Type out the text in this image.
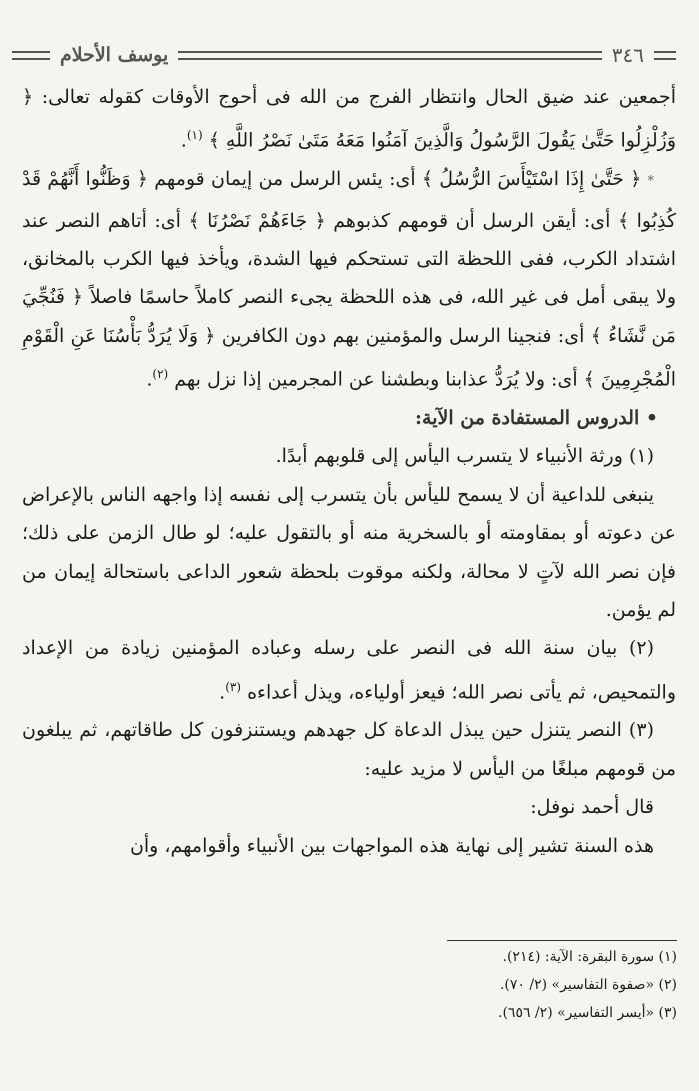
يوسف الأحلام	٣٤٦

أجمعين عند ضيق الحال وانتظار الفرج من الله فى أحوج الأوقات كقوله تعالى: ﴿ وَزُلْزِلُوا حَتَّىٰ يَقُولَ الرَّسُولُ وَالَّذِينَ آمَنُوا مَعَهُ مَتَىٰ نَصْرُ اللَّهِ ﴾ $^{(١)}$.

* ﴿ حَتَّىٰ إِذَا اسْتَيْأَسَ الرُّسُلُ ﴾ أى: يئس الرسل من إيمان قومهم ﴿ وَظَنُّوا أَنَّهُمْ قَدْ كُذِبُوا ﴾ أى: أيقن الرسل أن قومهم كذبوهم ﴿ جَاءَهُمْ نَصْرُنَا ﴾ أى: أتاهم النصر عند اشتداد الكرب، ففى اللحظة التى تستحكم فيها الشدة، ويأخذ فيها الكرب بالمخانق، ولا يبقى أمل فى غير الله، فى هذه اللحظة يجىء النصر كاملاً حاسمًا فاصلاً ﴿ فَنُجِّيَ مَن نَّشَاءُ ﴾ أى: فنجينا الرسل والمؤمنين بهم دون الكافرين ﴿ وَلَا يُرَدُّ بَأْسُنَا عَنِ الْقَوْمِ الْمُجْرِمِينَ ﴾ أى: ولا يُرَدُّ عذابنا وبطشنا عن المجرمين إذا نزل بهم $^{(٢)}$.

• الدروس المستفادة من الآية:

(١) ورثة الأنبياء لا يتسرب اليأس إلى قلوبهم أبدًا.

ينبغى للداعية أن لا يسمح لليأس بأن يتسرب إلى نفسه إذا واجهه الناس بالإعراض عن دعوته أو بمقاومته أو بالسخرية منه أو بالتقول عليه؛ لو طال الزمن على ذلك؛ فإن نصر الله لآتٍ لا محالة، ولكنه موقوت بلحظة شعور الداعى باستحالة إيمان من لم يؤمن.

(٢) بيان سنة الله فى النصر على رسله وعباده المؤمنين زيادة من الإعداد والتمحيص، ثم يأتى نصر الله؛ فيعز أولياءه، ويذل أعداءه $^{(٣)}$.

(٣) النصر يتنزل حين يبذل الدعاة كل جهدهم ويستنزفون كل طاقاتهم، ثم يبلغون من قومهم مبلغًا من اليأس لا مزيد عليه:

قال أحمد نوفل:

هذه السنة تشير إلى نهاية هذه المواجهات بين الأنبياء وأقوامهم، وأن

(١) سورة البقرة: الآية: (٢١٤).

(٢) «صفوة التفاسير» (٢/ ٧٠).

(٣) «أيسر التفاسير» (٢/ ٦٥٦).
